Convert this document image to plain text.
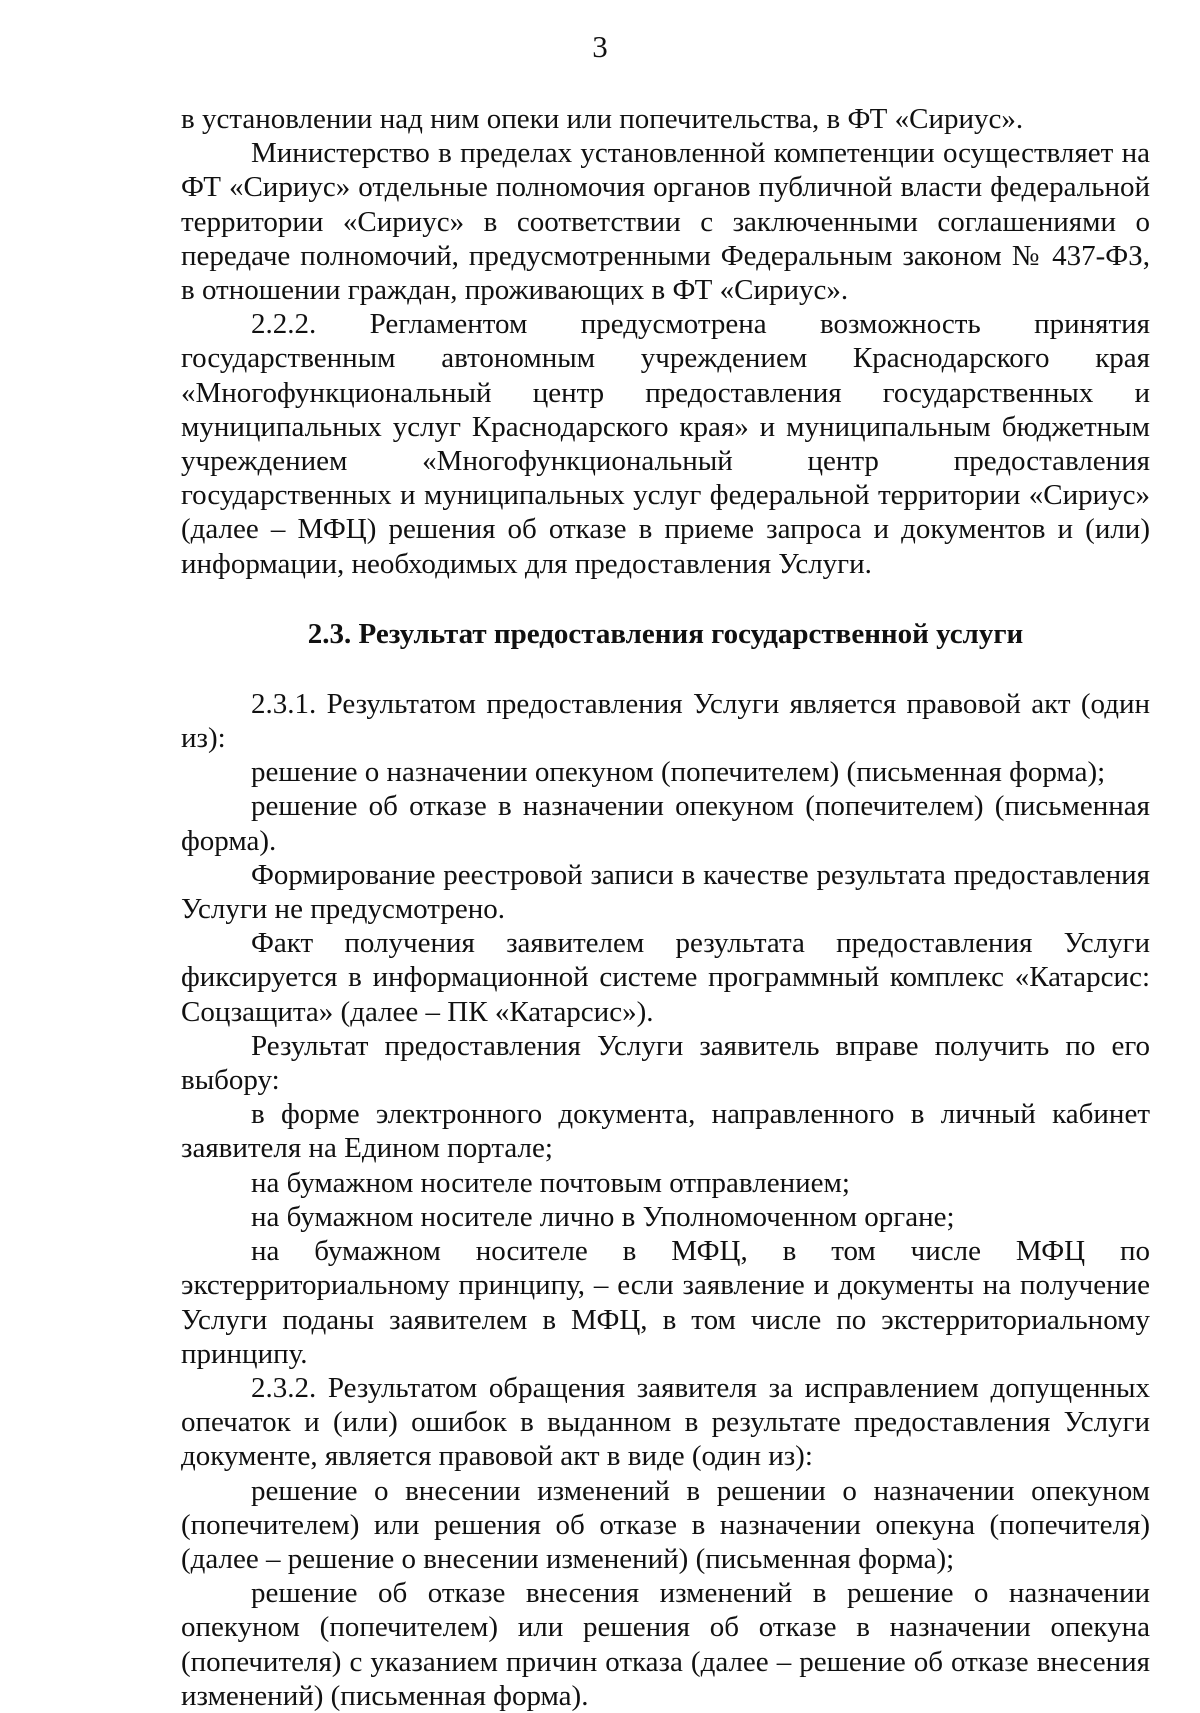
3

в установлении над ним опеки или попечительства, в ФТ «Сириус».

Министерство в пределах установленной компетенции осуществляет на ФТ «Сириус» отдельные полномочия органов публичной власти федеральной территории «Сириус» в соответствии с заключенными соглашениями о передаче полномочий, предусмотренными Федеральным законом № 437-ФЗ, в отношении граждан, проживающих в ФТ «Сириус».

2.2.2. Регламентом предусмотрена возможность принятия государственным автономным учреждением Краснодарского края «Многофункциональный центр предоставления государственных и муниципальных услуг Краснодарского края» и муниципальным бюджетным учреждением «Многофункциональный центр предоставления государственных и муниципальных услуг федеральной территории «Сириус» (далее – МФЦ) решения об отказе в приеме запроса и документов и (или) информации, необходимых для предоставления Услуги.

2.3. Результат предоставления государственной услуги

2.3.1. Результатом предоставления Услуги является правовой акт (один из):

решение о назначении опекуном (попечителем) (письменная форма);

решение об отказе в назначении опекуном (попечителем) (письменная форма).

Формирование реестровой записи в качестве результата предоставления Услуги не предусмотрено.

Факт получения заявителем результата предоставления Услуги фиксируется в информационной системе программный комплекс «Катарсис: Соцзащита» (далее – ПК «Катарсис»).

Результат предоставления Услуги заявитель вправе получить по его выбору:

в форме электронного документа, направленного в личный кабинет заявителя на Едином портале;

на бумажном носителе почтовым отправлением;

на бумажном носителе лично в Уполномоченном органе;

на бумажном носителе в МФЦ, в том числе МФЦ по экстерриториальному принципу, – если заявление и документы на получение Услуги поданы заявителем в МФЦ, в том числе по экстерриториальному принципу.

2.3.2. Результатом обращения заявителя за исправлением допущенных опечаток и (или) ошибок в выданном в результате предоставления Услуги документе, является правовой акт в виде (один из):

решение о внесении изменений в решении о назначении опекуном (попечителем) или решения об отказе в назначении опекуна (попечителя) (далее – решение о внесении изменений) (письменная форма);

решение об отказе внесения изменений в решение о назначении опекуном (попечителем) или решения об отказе в назначении опекуна (попечителя) с указанием причин отказа (далее – решение об отказе внесения изменений) (письменная форма).
